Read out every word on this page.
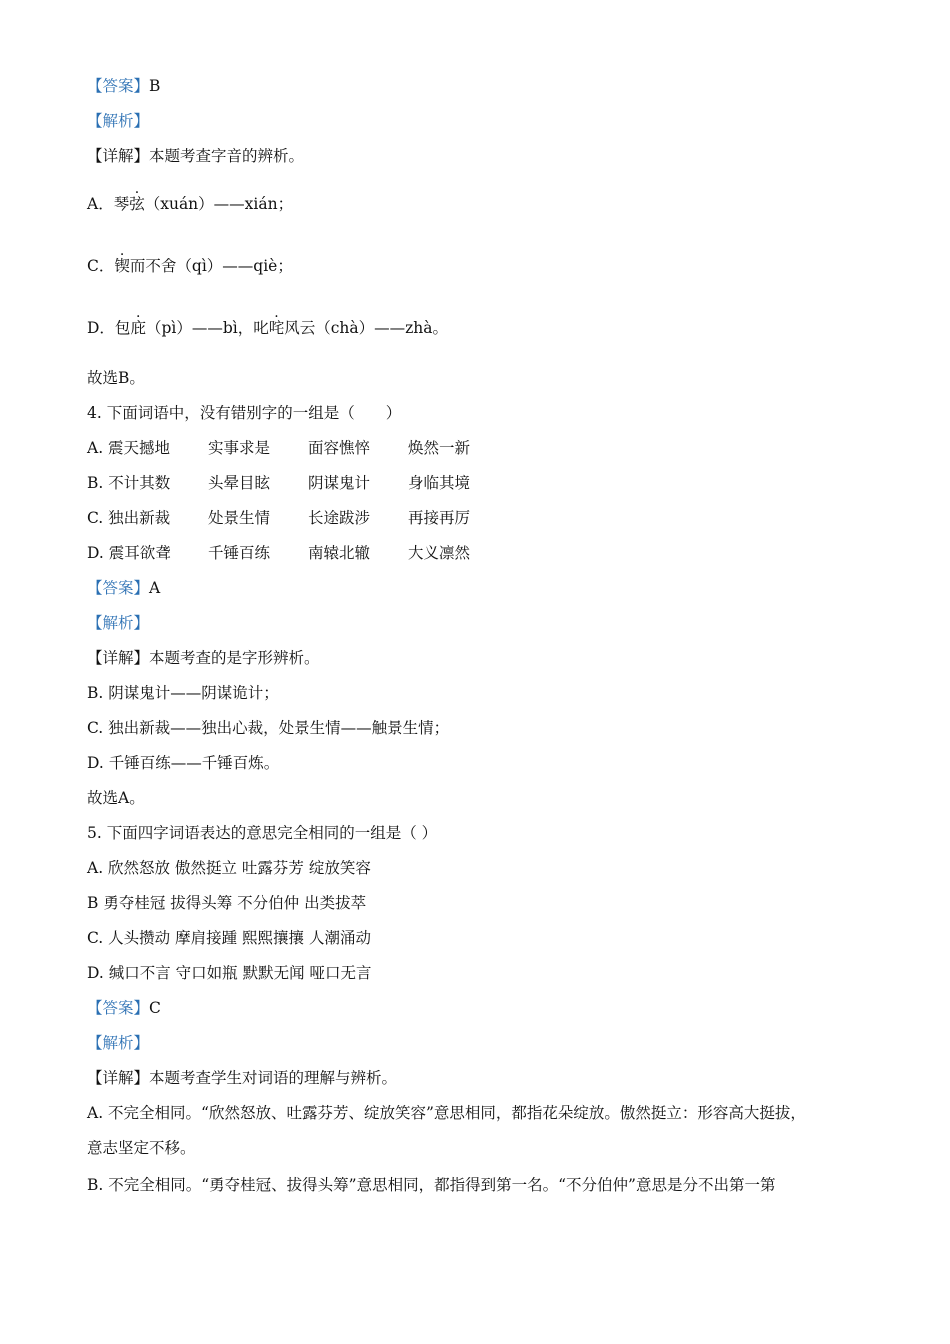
【答案】B
【解析】
【详解】本题考查字音的辨析。
A．琴弦（xuán）——xián；
C．锲而不舍（qì）——qiè；
D．包庇（pì）——bì，叱咤风云（chà）——zhà。
故选B。
4. 下面词语中，没有错别字的一组是（　　）
A. 震天撼地 实事求是 面容憔悴 焕然一新
B. 不计其数 头晕目眩 阴谋鬼计 身临其境
C. 独出新裁 处景生情 长途跋涉 再接再厉
D. 震耳欲聋 千锤百练 南辕北辙 大义凛然
【答案】A
【解析】
【详解】本题考查的是字形辨析。
B. 阴谋鬼计——阴谋诡计；
C. 独出新裁——独出心裁，处景生情——触景生情；
D. 千锤百练——千锤百炼。
故选A。
5. 下面四字词语表达的意思完全相同的一组是（ ）
A. 欣然怒放 傲然挺立 吐露芬芳 绽放笑容
B 勇夺桂冠 拔得头筹 不分伯仲 出类拔萃
C. 人头攒动 摩肩接踵 熙熙攘攘 人潮涌动
D. 缄口不言 守口如瓶 默默无闻 哑口无言
【答案】C
【解析】
【详解】本题考查学生对词语的理解与辨析。
A. 不完全相同。“欣然怒放、吐露芬芳、绽放笑容”意思相同，都指花朵绽放。傲然挺立：形容高大挺拔，
意志坚定不移。
B. 不完全相同。“勇夺桂冠、拔得头筹”意思相同，都指得到第一名。“不分伯仲”意思是分不出第一第
